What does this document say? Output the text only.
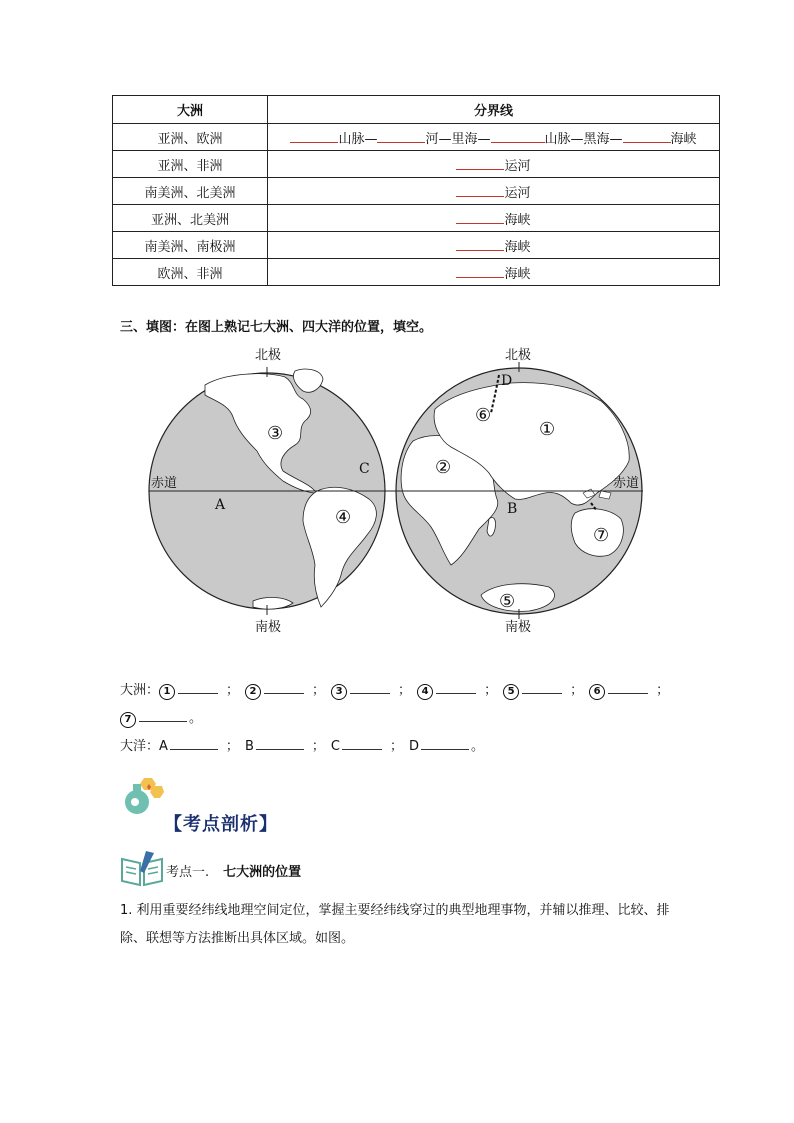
大洲	分界线
亚洲、欧洲	山脉— 河—里海— 山脉—黑海— 海峡
亚洲、非洲	运河
南美洲、北美洲	运河
亚洲、北美洲	海峡
南美洲、南极洲	海峡
欧洲、非洲	海峡
三、填图：在图上熟记七大洲、四大洋的位置，填空。
北极	北极
南极	南极
赤道	赤道
A	B
C
D
①
②
③
④
⑤
⑥
⑦
大洲： 1	； 2	； 3	； 4	； 5	； 6	；
7	。
大洋：A	； B	； C	； D	。
【考点剖析】
考点一. 七大洲的位置
1. 利用重要经纬线地理空间定位，掌握主要经纬线穿过的典型地理事物，并辅以推理、比较、排除、联想等方法推断出具体区域。如图。
